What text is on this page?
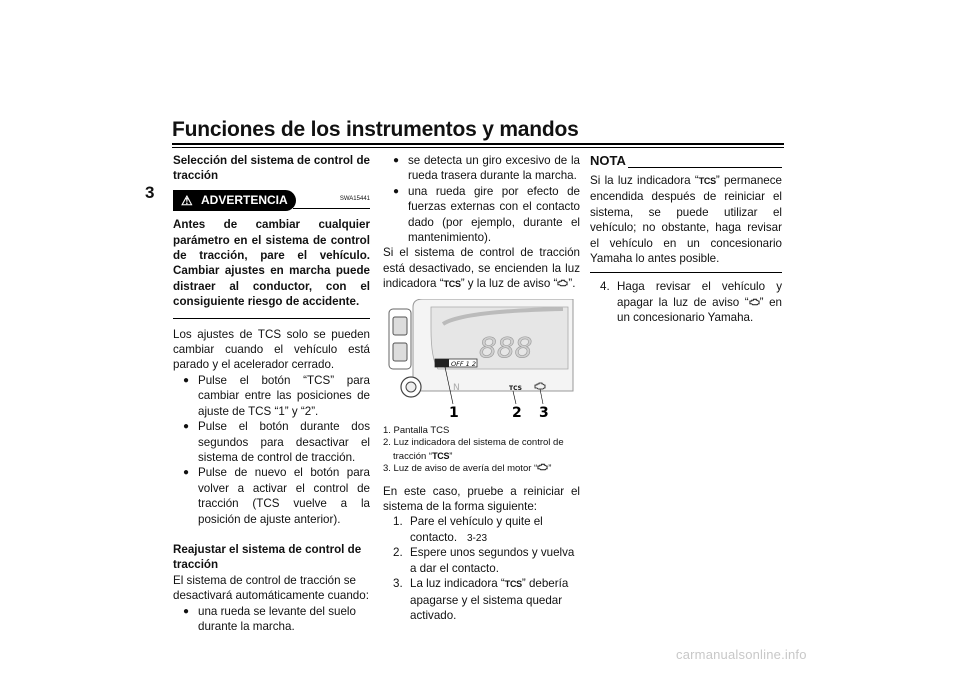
Funciones de los instrumentos y mandos
3

Selección del sistema de control de tracción

⚠ ADVERTENCIA	SWA15441

Antes de cambiar cualquier parámetro en el sistema de control de tracción, pare el vehículo. Cambiar ajustes en marcha puede distraer al conductor, con el consiguiente riesgo de accidente.

Los ajustes de TCS solo se pueden cambiar cuando el vehículo está parado y el acelerador cerrado.

● Pulse el botón “TCS” para cambiar entre las posiciones de ajuste de TCS “1” y “2”.

● Pulse el botón durante dos segundos para desactivar el sistema de control de tracción.

● Pulse de nuevo el botón para volver a activar el control de tracción (TCS vuelve a la posición de ajuste anterior).

Reajustar el sistema de control de tracción

El sistema de control de tracción se desactivará automáticamente cuando:

● una rueda se levante del suelo durante la marcha.

● se detecta un giro excesivo de la rueda trasera durante la marcha.

● una rueda gire por efecto de fuerzas externas con el contacto dado (por ejemplo, durante el mantenimiento).

Si el sistema de control de tracción está desactivado, se encienden la luz indicadora “TCS” y la luz de aviso “ ”.

888
OFF 1 2
N	TCS
1	2 3

1. Pantalla TCS

2. Luz indicadora del sistema de control de tracción “TCS”

3. Luz de aviso de avería del motor “ ”

En este caso, pruebe a reiniciar el sistema de la forma siguiente:

1. Pare el vehículo y quite el contacto.

2. Espere unos segundos y vuelva a dar el contacto.

3. La luz indicadora “TCS” debería apagarse y el sistema quedar activado.

NOTA

Si la luz indicadora “TCS” permanece encendida después de reiniciar el sistema, se puede utilizar el vehículo; no obstante, haga revisar el vehículo en un concesionario Yamaha lo antes posible.

4. Haga revisar el vehículo y apagar la luz de aviso “ ” en un concesionario Yamaha.

3-23
carmanualsonline.info
